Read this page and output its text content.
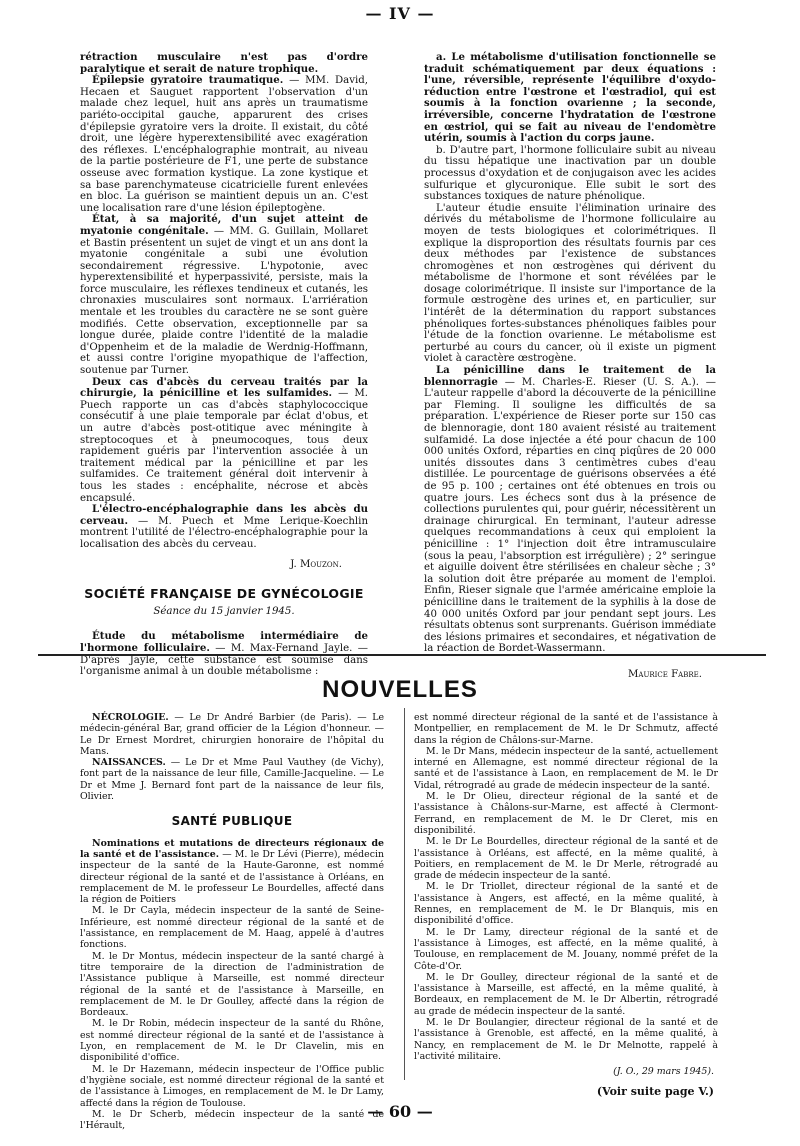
— IV —

rétraction musculaire n'est pas d'ordre paralytique et serait de nature trophique.

Épilepsie gyratoire traumatique. — MM. David, Hecaen et Sauguet rapportent l'observation d'un malade chez lequel, huit ans après un traumatisme pariéto-occipital gauche, apparurent des crises d'épilepsie gyratoire vers la droite. Il existait, du côté droit, une légère hyperextensibilité avec exagération des réflexes. L'encéphalographie montrait, au niveau de la partie postérieure de F1, une perte de substance osseuse avec formation kystique. La zone kystique et sa base parenchymateuse cicatricielle furent enlevées en bloc. La guérison se maintient depuis un an. C'est une localisation rare d'une lésion épileptogène.

État, à sa majorité, d'un sujet atteint de myatonie congénitale. — MM. G. Guillain, Mollaret et Bastin présentent un sujet de vingt et un ans dont la myatonie congénitale a subi une évolution secondairement régressive. L'hypotonie, avec hyperextensibilité et hyperpassivité, persiste, mais la force musculaire, les réflexes tendineux et cutanés, les chronaxies musculaires sont normaux. L'arriération mentale et les troubles du caractère ne se sont guère modifiés. Cette observation, exceptionnelle par sa longue durée, plaide contre l'identité de la maladie d'Oppenheim et de la maladie de Werdnig-Hoffmann, et aussi contre l'origine myopathique de l'affection, soutenue par Turner.

Deux cas d'abcès du cerveau traités par la chirurgie, la pénicilline et les sulfamides. — M. Puech rapporte un cas d'abcès staphylococcique consécutif à une plaie temporale par éclat d'obus, et un autre d'abcès post-otitique avec méningite à streptocoques et à pneumocoques, tous deux rapidement guéris par l'intervention associée à un traitement médical par la pénicilline et par les sulfamides. Ce traitement général doit intervenir à tous les stades : encéphalite, nécrose et abcès encapsulé.

L'électro-encéphalographie dans les abcès du cerveau. — M. Puech et Mme Lerique-Koechlin montrent l'utilité de l'électro-encéphalographie pour la localisation des abcès du cerveau.

J. Mouzon.

SOCIÉTÉ FRANÇAISE DE GYNÉCOLOGIE

Séance du 15 janvier 1945.

Étude du métabolisme intermédiaire de l'hormone folliculaire. — M. Max-Fernand Jayle. — D'après Jayle, cette substance est soumise dans l'organisme animal à un double métabolisme :

a. Le métabolisme d'utilisation fonctionnelle se traduit schématiquement par deux équations : l'une, réversible, représente l'équilibre d'oxydo-réduction entre l'œstrone et l'œstradiol, qui est soumis à la fonction ovarienne ; la seconde, irréversible, concerne l'hydratation de l'œstrone en œstriol, qui se fait au niveau de l'endomètre utérin, soumis à l'action du corps jaune.

b. D'autre part, l'hormone folliculaire subit au niveau du tissu hépatique une inactivation par un double processus d'oxydation et de conjugaison avec les acides sulfurique et glycuronique. Elle subit le sort des substances toxiques de nature phénolique.

L'auteur étudie ensuite l'élimination urinaire des dérivés du métabolisme de l'hormone folliculaire au moyen de tests biologiques et colorimétriques. Il explique la disproportion des résultats fournis par ces deux méthodes par l'existence de substances chromogènes et non œstrogènes qui dérivent du métabolisme de l'hormone et sont révélées par le dosage colorimétrique. Il insiste sur l'importance de la formule œstrogène des urines et, en particulier, sur l'intérêt de la détermination du rapport substances phénoliques fortes-substances phénoliques faibles pour l'étude de la fonction ovarienne. Le métabolisme est perturbé au cours du cancer, où il existe un pigment violet à caractère œstrogène.

La pénicilline dans le traitement de la blennorragie — M. Charles-E. Rieser (U. S. A.). — L'auteur rappelle d'abord la découverte de la pénicilline par Fleming. Il souligne les difficultés de sa préparation. L'expérience de Rieser porte sur 150 cas de blennoragie, dont 180 avaient résisté au traitement sulfamidé. La dose injectée a été pour chacun de 100 000 unités Oxford, réparties en cinq piqûres de 20 000 unités dissoutes dans 3 centimètres cubes d'eau distillée. Le pourcentage de guérisons observées a été de 95 p. 100 ; certaines ont été obtenues en trois ou quatre jours. Les échecs sont dus à la présence de collections purulentes qui, pour guérir, nécessitèrent un drainage chirurgical. En terminant, l'auteur adresse quelques recommandations à ceux qui emploient la pénicilline : 1° l'injection doit être intramusculaire (sous la peau, l'absorption est irrégulière) ; 2° seringue et aiguille doivent être stérilisées en chaleur sèche ; 3° la solution doit être préparée au moment de l'emploi. Enfin, Rieser signale que l'armée américaine emploie la pénicilline dans le traitement de la syphilis à la dose de 40 000 unités Oxford par jour pendant sept jours. Les résultats obtenus sont surprenants. Guérison immédiate des lésions primaires et secondaires, et négativation de la réaction de Bordet-Wassermann.

Maurice Fabre.

NOUVELLES

NÉCROLOGIE. — Le Dr André Barbier (de Paris). — Le médecin-général Bar, grand officier de la Légion d'honneur. — Le Dr Ernest Mordret, chirurgien honoraire de l'hôpital du Mans.

NAISSANCES. — Le Dr et Mme Paul Vauthey (de Vichy), font part de la naissance de leur fille, Camille-Jacqueline. — Le Dr et Mme J. Bernard font part de la naissance de leur fils, Olivier.

SANTÉ PUBLIQUE

Nominations et mutations de directeurs régionaux de la santé et de l'assistance. — M. le Dr Lévi (Pierre), médecin inspecteur de la santé de la Haute-Garonne, est nommé directeur régional de la santé et de l'assistance à Orléans, en remplacement de M. le professeur Le Bourdelles, affecté dans la région de Poitiers

M. le Dr Cayla, médecin inspecteur de la santé de Seine-Inférieure, est nommé directeur régional de la santé et de l'assistance, en remplacement de M. Haag, appelé à d'autres fonctions.

M. le Dr Montus, médecin inspecteur de la santé chargé à titre temporaire de la direction de l'administration de l'Assistance publique à Marseille, est nommé directeur régional de la santé et de l'assistance à Marseille, en remplacement de M. le Dr Goulley, affecté dans la région de Bordeaux.

M. le Dr Robin, médecin inspecteur de la santé du Rhône, est nommé directeur régional de la santé et de l'assistance à Lyon, en remplacement de M. le Dr Clavelin, mis en disponibilité d'office.

M. le Dr Hazemann, médecin inspecteur de l'Office public d'hygiène sociale, est nommé directeur régional de la santé et de l'assistance à Limoges, en remplacement de M. le Dr Lamy, affecté dans la région de Toulouse.

M. le Dr Scherb, médecin inspecteur de la santé de l'Hérault,

est nommé directeur régional de la santé et de l'assistance à Montpellier, en remplacement de M. le Dr Schmutz, affecté dans la région de Châlons-sur-Marne.

M. le Dr Mans, médecin inspecteur de la santé, actuellement interné en Allemagne, est nommé directeur régional de la santé et de l'assistance à Laon, en remplacement de M. le Dr Vidal, rétrogradé au grade de médecin inspecteur de la santé.

M. le Dr Olieu, directeur régional de la santé et de l'assistance à Châlons-sur-Marne, est affecté à Clermont-Ferrand, en remplacement de M. le Dr Cleret, mis en disponibilité.

M. le Dr Le Bourdelles, directeur régional de la santé et de l'assistance à Orléans, est affecté, en la même qualité, à Poitiers, en remplacement de M. le Dr Merle, rétrogradé au grade de médecin inspecteur de la santé.

M. le Dr Triollet, directeur régional de la santé et de l'assistance à Angers, est affecté, en la même qualité, à Rennes, en remplacement de M. le Dr Blanquis, mis en disponibilité d'office.

M. le Dr Lamy, directeur régional de la santé et de l'assistance à Limoges, est affecté, en la même qualité, à Toulouse, en remplacement de M. Jouany, nommé préfet de la Côte-d'Or.

M. le Dr Goulley, directeur régional de la santé et de l'assistance à Marseille, est affecté, en la même qualité, à Bordeaux, en remplacement de M. le Dr Albertin, rétrogradé au grade de médecin inspecteur de la santé.

M. le Dr Boulangier, directeur régional de la santé et de l'assistance à Grenoble, est affecté, en la même qualité, à Nancy, en remplacement de M. le Dr Melnotte, rappelé à l'activité militaire.

(J. O., 29 mars 1945).

(Voir suite page V.)

— 60 —
